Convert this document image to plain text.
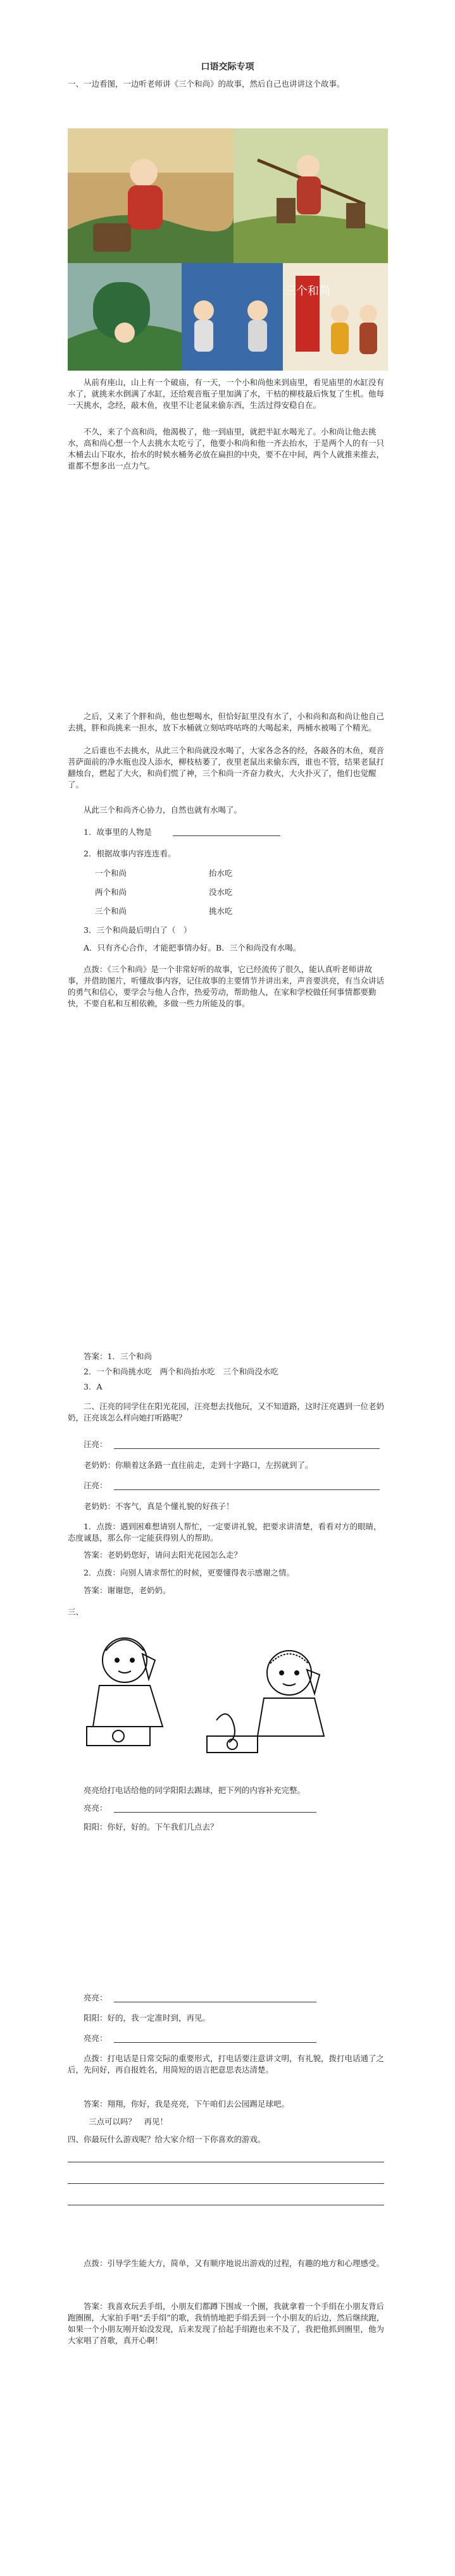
口语交际专项

一、一边看图，一边听老师讲《三个和尚》的故事，然后自己也讲讲这个故事。

三个和尚

从前有座山，山上有一个破庙，有一天，一个小和尚他来到庙里，看见庙里的水缸没有水了，就挑来水倒满了水缸，还给观音瓶子里加满了水，干枯的柳枝最后恢复了生机。他每一天挑水，念经，敲木鱼，夜里不让老鼠来偷东西，生活过得安稳自在。

不久，来了个高和尚，他渴极了，他一到庙里，就把半缸水喝光了。小和尚让他去挑水，高和尚心想一个人去挑水太吃亏了，他要小和尚和他一齐去抬水，于是两个人的有一只木桶去山下取水，抬水的时候水桶务必放在扁担的中央，要不在中间，两个人就推来推去，谁都不想多出一点力气。

之后，又来了个胖和尚，他也想喝水，但恰好缸里没有水了，小和尚和高和尚让他自己去挑，胖和尚挑来一担水，放下水桶就立刻咕咚咕咚的大喝起来，两桶水被喝了个精光。

之后谁也不去挑水，从此三个和尚就没水喝了，大家各念各的经，各敲各的木鱼，观音菩萨面前的净水瓶也没人添水，柳枝枯萎了，夜里老鼠出来偷东西，谁也不管，结果老鼠打翻烛台，燃起了大火，和尚们慌了神，三个和尚一齐奋力救火，大火扑灭了，他们也觉醒了。

从此三个和尚齐心协力，自然也就有水喝了。

1．故事里的人物是

2．根据故事内容连连看。

一个和尚	抬水吃

两个和尚	没水吃

三个和尚	挑水吃

3．三个和尚最后明白了（　）

A．只有齐心合作，才能把事情办好。B．三个和尚没有水喝。

点拨：《三个和尚》是一个非常好听的故事，它已经流传了很久，能认真听老师讲故事，并借助图片，听懂故事内容，记住故事的主要情节并讲出来，声音要洪亮，有当众讲话的勇气和信心，要学会与他人合作，热爱劳动，帮助他人，在家和学校做任何事情都要勤快，不要自私和互相依赖，多做一些力所能及的事。

答案：1．三个和尚

2．一个和尚挑水吃　两个和尚抬水吃　三个和尚没水吃

3．A

二、汪亮的同学住在阳光花园，汪亮想去找他玩，又不知道路，这时汪亮遇到一位老奶奶，汪亮该怎么样向她打听路呢？

汪亮：

老奶奶：你顺着这条路一直往前走，走到十字路口，左拐就到了。

汪亮：

老奶奶：不客气，真是个懂礼貌的好孩子！

1．点拨：遇到困难想请别人帮忙，一定要讲礼貌，把要求讲清楚，看看对方的眼睛，态度诚恳，那么你一定能获得别人的帮助。

答案：老奶奶您好，请问去阳光花园怎么走？

2．点拨：向别人请求帮忙的时候，更要懂得表示感谢之情。

答案：谢谢您，老奶奶。

三、

亮亮给打电话给他的同学阳阳去踢球，把下列的内容补充完整。

亮亮：

阳阳：你好，好的。下午我们几点去？

亮亮：

阳阳：好的，我一定准时到，再见。

亮亮：

点拨：打电话是日常交际的重要形式，打电话要注意讲文明，有礼貌，拨打电话通了之后，先问好，再自报姓名，用简短的语言把意思表达清楚。

答案：翔翔，你好，我是亮亮，下午咱们去公园踢足球吧。

三点可以吗？　再见！

四、你最玩什么游戏呢？给大家介绍一下你喜欢的游戏。

点拨：引导学生能大方，简单，又有顺序地说出游戏的过程，有趣的地方和心理感受。

答案：我喜欢玩丢手绢，小朋友们都蹲下围成一个圈，我就拿着一个手绢在小朋友背后跑圈圈，大家拍手唱“丢手绢”的歌，我悄悄地把手绢丢到一个小朋友的后边，然后继续跑，如果一个小朋友刚开始没发现，后来发现了拾起手绢跑也来不及了，我把他抓到圈里，他为大家唱了首歌，真开心啊！
